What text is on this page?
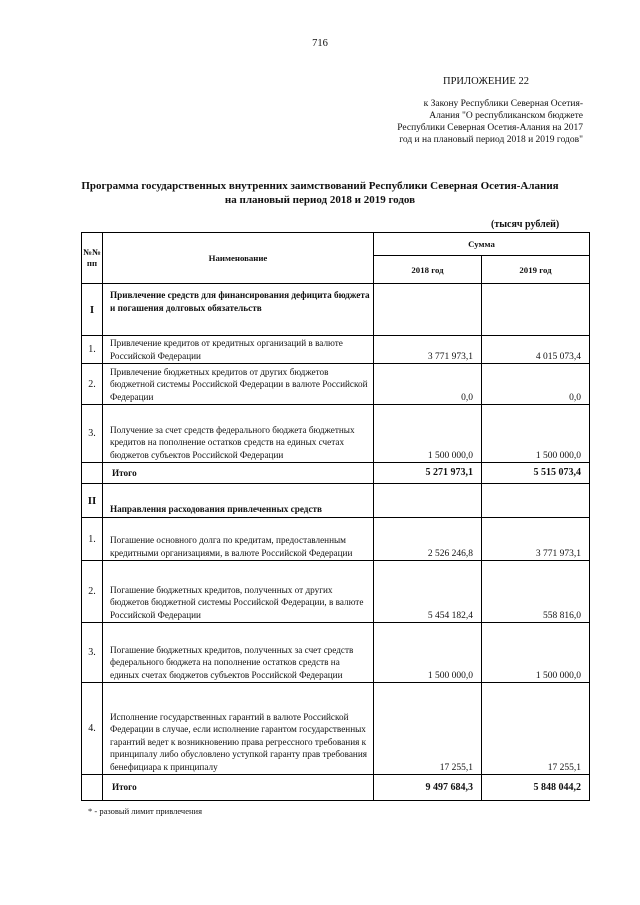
716
ПРИЛОЖЕНИЕ 22
к Закону Республики Северная Осетия-
Алания "О республиканском бюджете
Республики Северная Осетия-Алания на 2017
год и на плановый период 2018 и 2019 годов"
Программа государственных внутренних заимствований Республики Северная Осетия-Алания
на плановый период 2018 и 2019 годов
(тысяч рублей)
№№
пп	Наименование	Сумма	
		2018 год	2019 год
I	Привлечение средств для финансирования дефицита бюджета и погашения долговых обязательств		
1.	Привлечение кредитов от кредитных организаций в валюте Российской Федерации	3 771 973,1	4 015 073,4
2.	Привлечение бюджетных кредитов от других бюджетов бюджетной системы Российской Федерации в валюте Российской Федерации	0,0	0,0
3.	Получение за счет средств федерального бюджета бюджетных кредитов на пополнение остатков средств на единых счетах бюджетов субъектов Российской Федерации	1 500 000,0	1 500 000,0
	Итого	5 271 973,1	5 515 073,4
II	Направления расходования привлеченных средств		
1.	Погашение основного долга по кредитам, предоставленным кредитными организациями, в валюте Российской Федерации	2 526 246,8	3 771 973,1
2.	Погашение бюджетных кредитов, полученных от других бюджетов бюджетной системы Российской Федерации, в валюте Российской Федерации	5 454 182,4	558 816,0
3.	Погашение бюджетных кредитов, полученных за счет средств федерального бюджета на пополнение остатков средств на единых счетах бюджетов субъектов Российской Федерации	1 500 000,0	1 500 000,0
4.	Исполнение государственных гарантий в валюте Российской Федерации в случае, если исполнение гарантом государственных гарантий ведет к возникновению права регрессного требования к принципалу либо обусловлено уступкой гаранту прав требования бенефициара к принципалу	17 255,1	17 255,1
	Итого	9 497 684,3	5 848 044,2
* - разовый лимит привлечения
